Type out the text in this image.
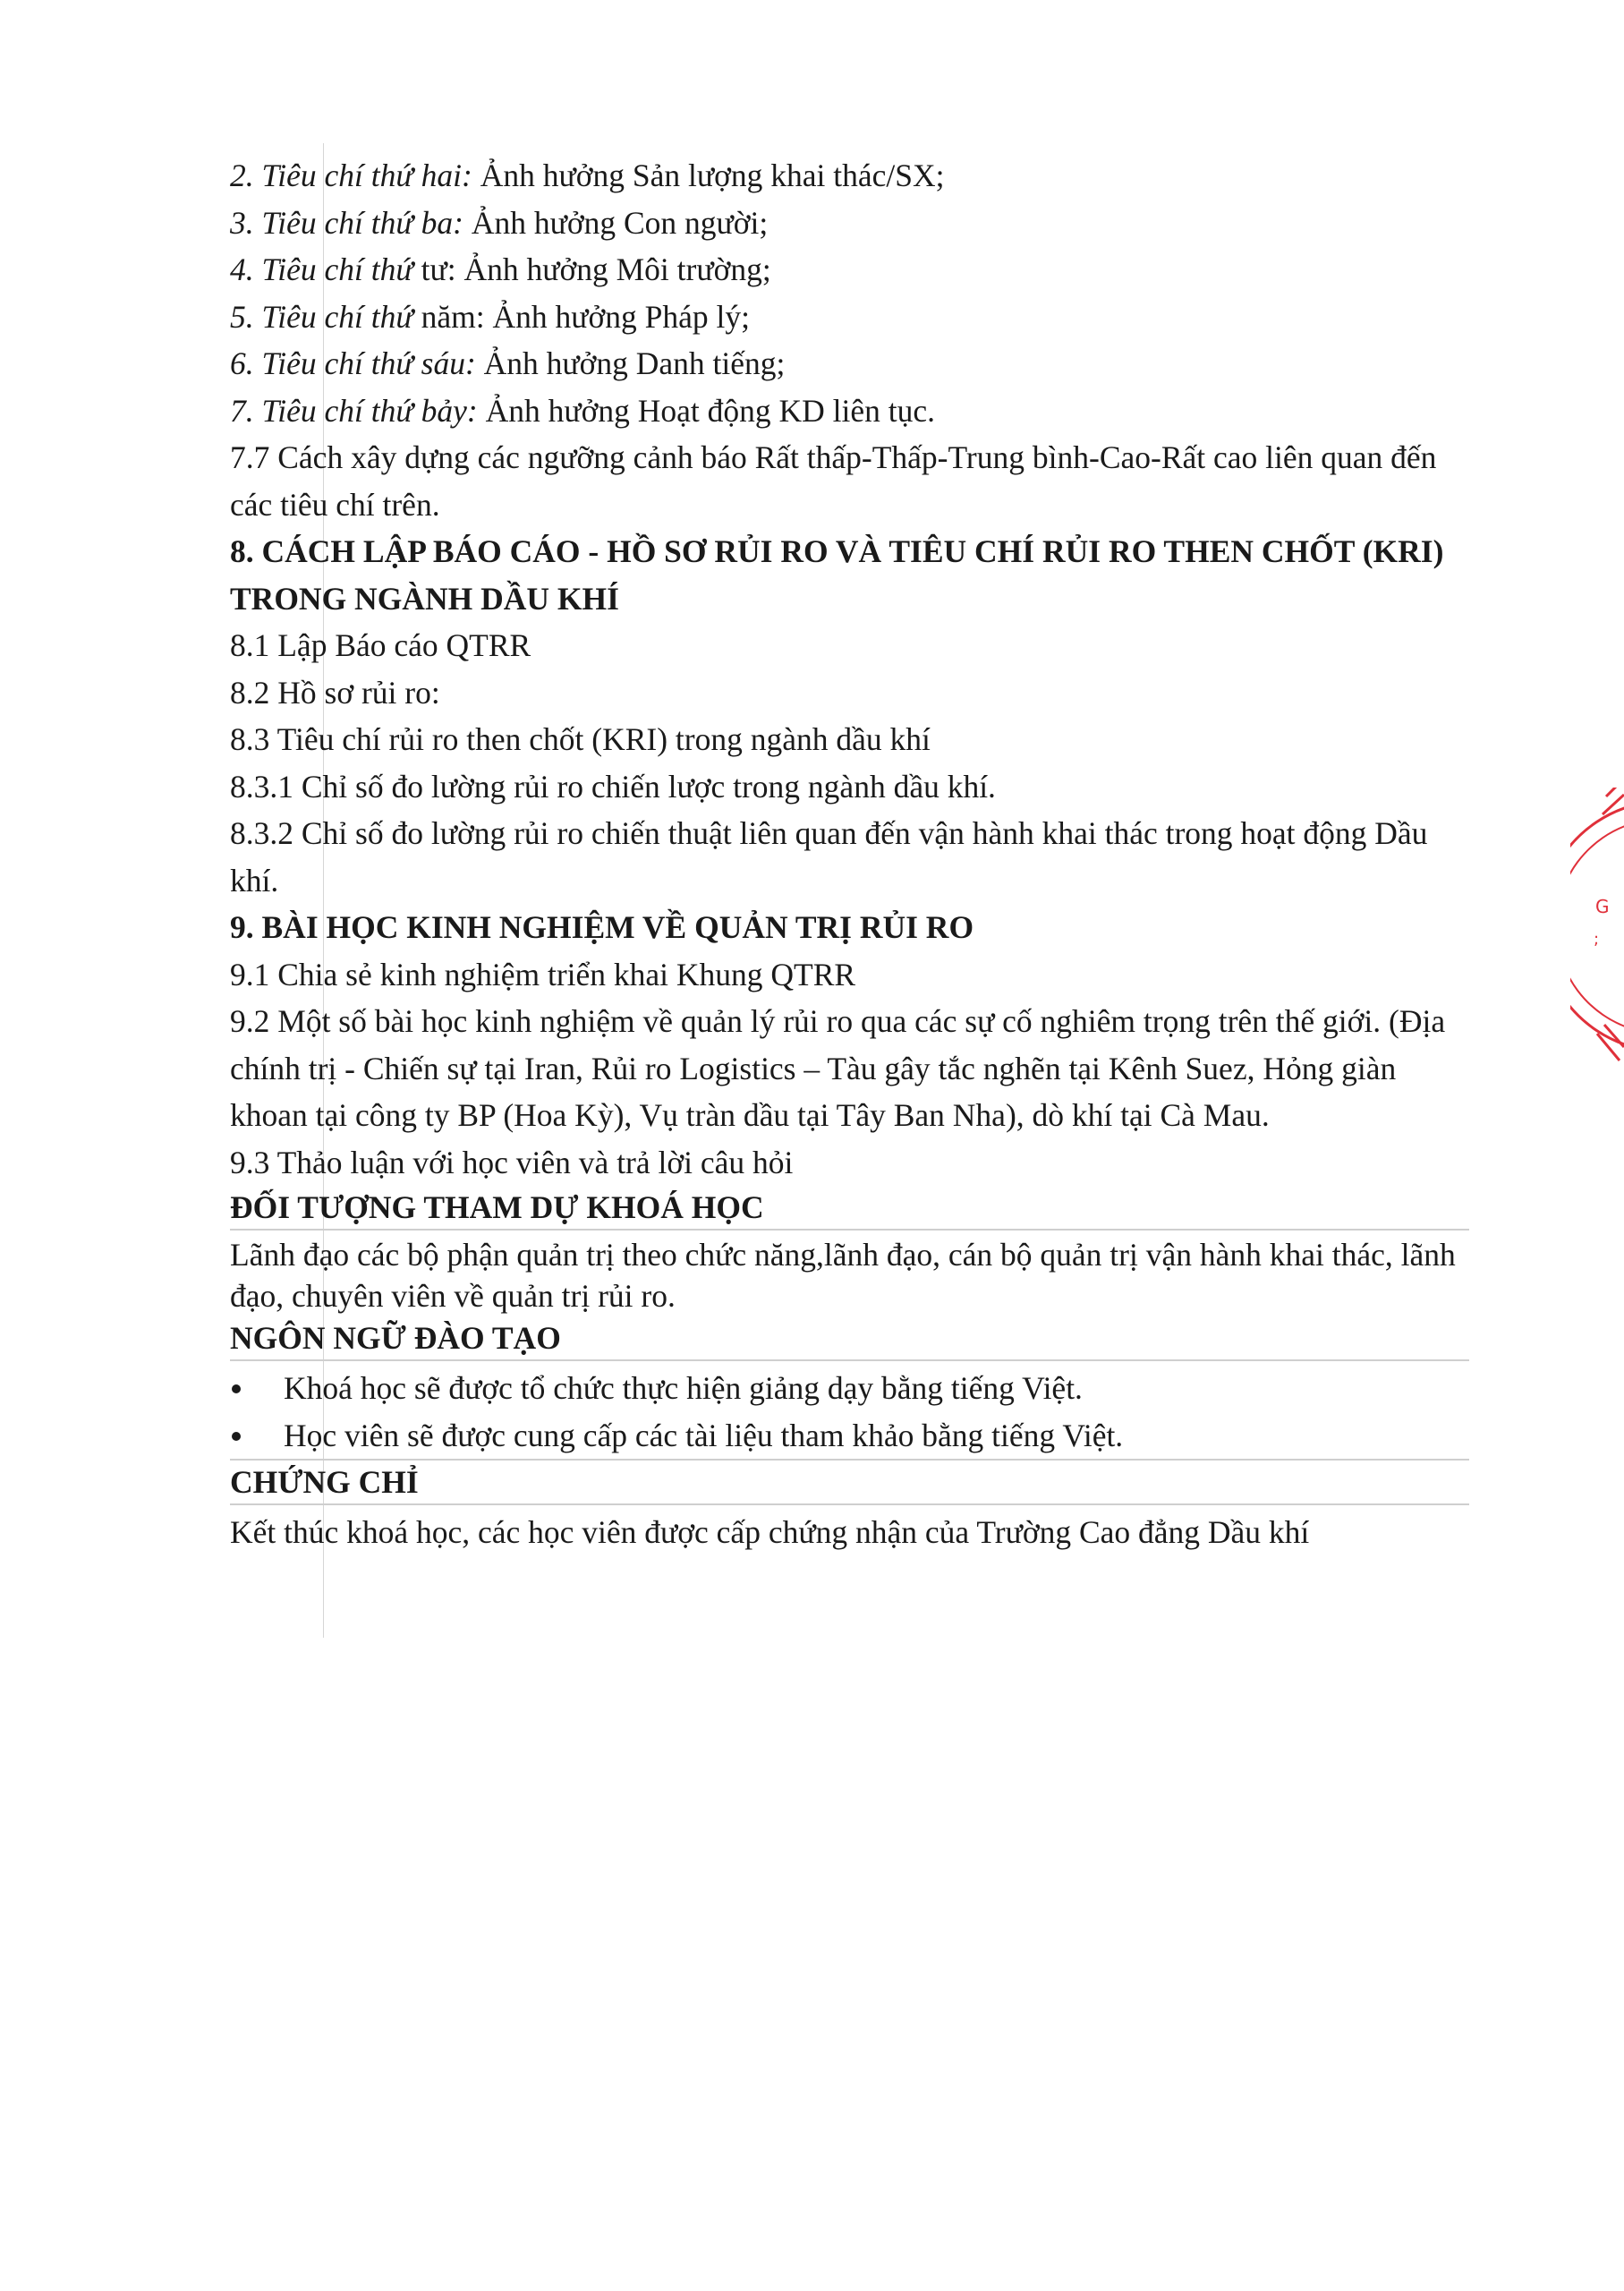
2. Tiêu chí thứ hai: Ảnh hưởng Sản lượng khai thác/SX;
3. Tiêu chí thứ ba: Ảnh hưởng Con người;
4. Tiêu chí thứ tư: Ảnh hưởng Môi trường;
5. Tiêu chí thứ năm: Ảnh hưởng Pháp lý;
6. Tiêu chí thứ sáu: Ảnh hưởng Danh tiếng;
7. Tiêu chí thứ bảy: Ảnh hưởng Hoạt động KD liên tục.
7.7 Cách xây dựng các ngưỡng cảnh báo Rất thấp-Thấp-Trung bình-Cao-Rất cao liên quan đến các tiêu chí trên.
8. CÁCH LẬP BÁO CÁO - HỒ SƠ RỦI RO VÀ TIÊU CHÍ RỦI RO THEN CHỐT (KRI) TRONG NGÀNH DẦU KHÍ
8.1 Lập Báo cáo QTRR
8.2 Hồ sơ rủi ro:
8.3 Tiêu chí rủi ro then chốt (KRI) trong ngành dầu khí
8.3.1 Chỉ số đo lường rủi ro chiến lược trong ngành dầu khí.
8.3.2 Chỉ số đo lường rủi ro chiến thuật liên quan đến vận hành khai thác trong hoạt động Dầu khí.
9. BÀI HỌC KINH NGHIỆM VỀ QUẢN TRỊ RỦI RO
9.1 Chia sẻ kinh nghiệm triển khai Khung QTRR
9.2 Một số bài học kinh nghiệm về quản lý rủi ro qua các sự cố nghiêm trọng trên thế giới. (Địa chính trị - Chiến sự tại Iran, Rủi ro Logistics – Tàu gây tắc nghẽn tại Kênh Suez, Hỏng giàn khoan tại công ty BP (Hoa Kỳ), Vụ tràn dầu tại Tây Ban Nha), dò khí tại Cà Mau.
9.3 Thảo luận với học viên và trả lời câu hỏi
ĐỐI TƯỢNG THAM DỰ KHOÁ HỌC
Lãnh đạo các bộ phận quản trị theo chức năng,lãnh đạo, cán bộ quản trị vận hành khai thác, lãnh đạo, chuyên viên về quản trị rủi ro.
NGÔN NGỮ ĐÀO TẠO
Khoá học sẽ được tổ chức thực hiện giảng dạy bằng tiếng Việt.
Học viên sẽ được cung cấp các tài liệu tham khảo bằng tiếng Việt.
CHỨNG CHỈ
Kết thúc khoá học, các học viên được cấp chứng nhận của Trường Cao đẳng Dầu khí
G
;
